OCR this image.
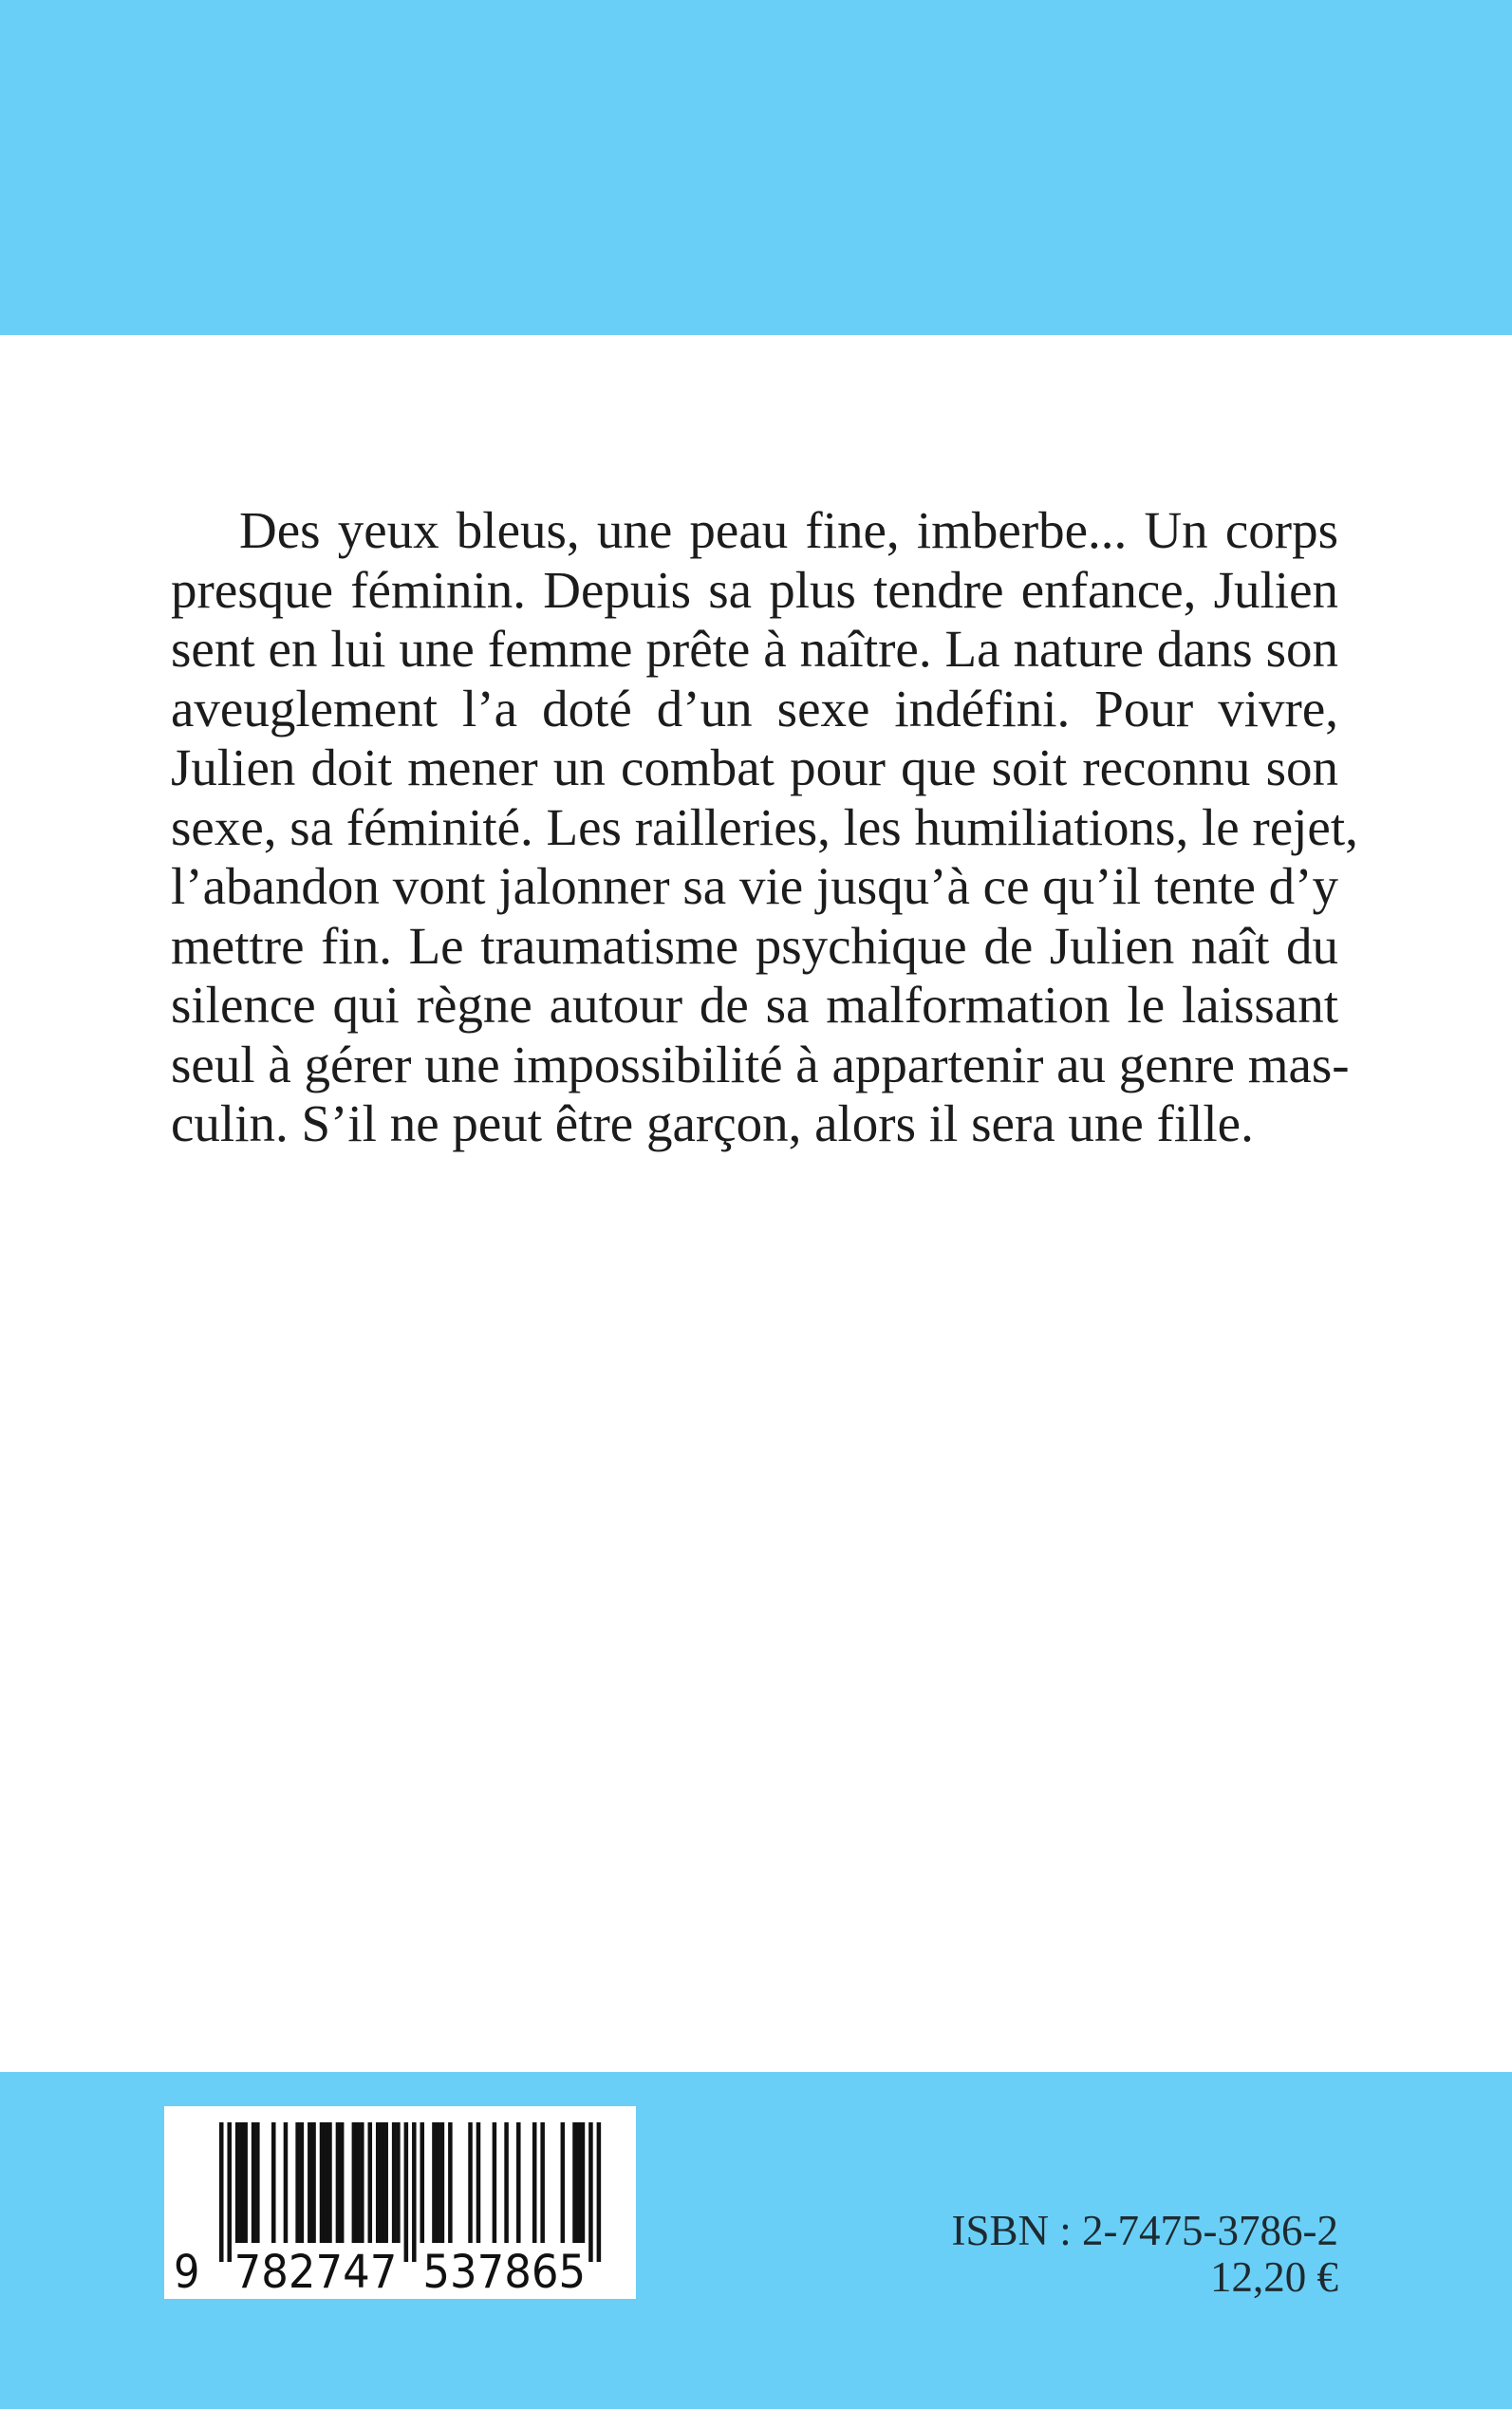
Des yeux bleus, une peau fine, imberbe... Un corps
presque féminin. Depuis sa plus tendre enfance, Julien
sent en lui une femme prête à naître. La nature dans son
aveuglement l’a doté d’un sexe indéfini. Pour vivre,
Julien doit mener un combat pour que soit reconnu son
sexe, sa féminité. Les railleries, les humiliations, le rejet,
l’abandon vont jalonner sa vie jusqu’à ce qu’il tente d’y
mettre fin. Le traumatisme psychique de Julien naît du
silence qui règne autour de sa malformation le laissant
seul à gérer une impossibilité à appartenir au genre mas-
culin. S’il ne peut être garçon, alors il sera une fille.
9 782747 537865
ISBN : 2-7475-3786-2
12,20 €
